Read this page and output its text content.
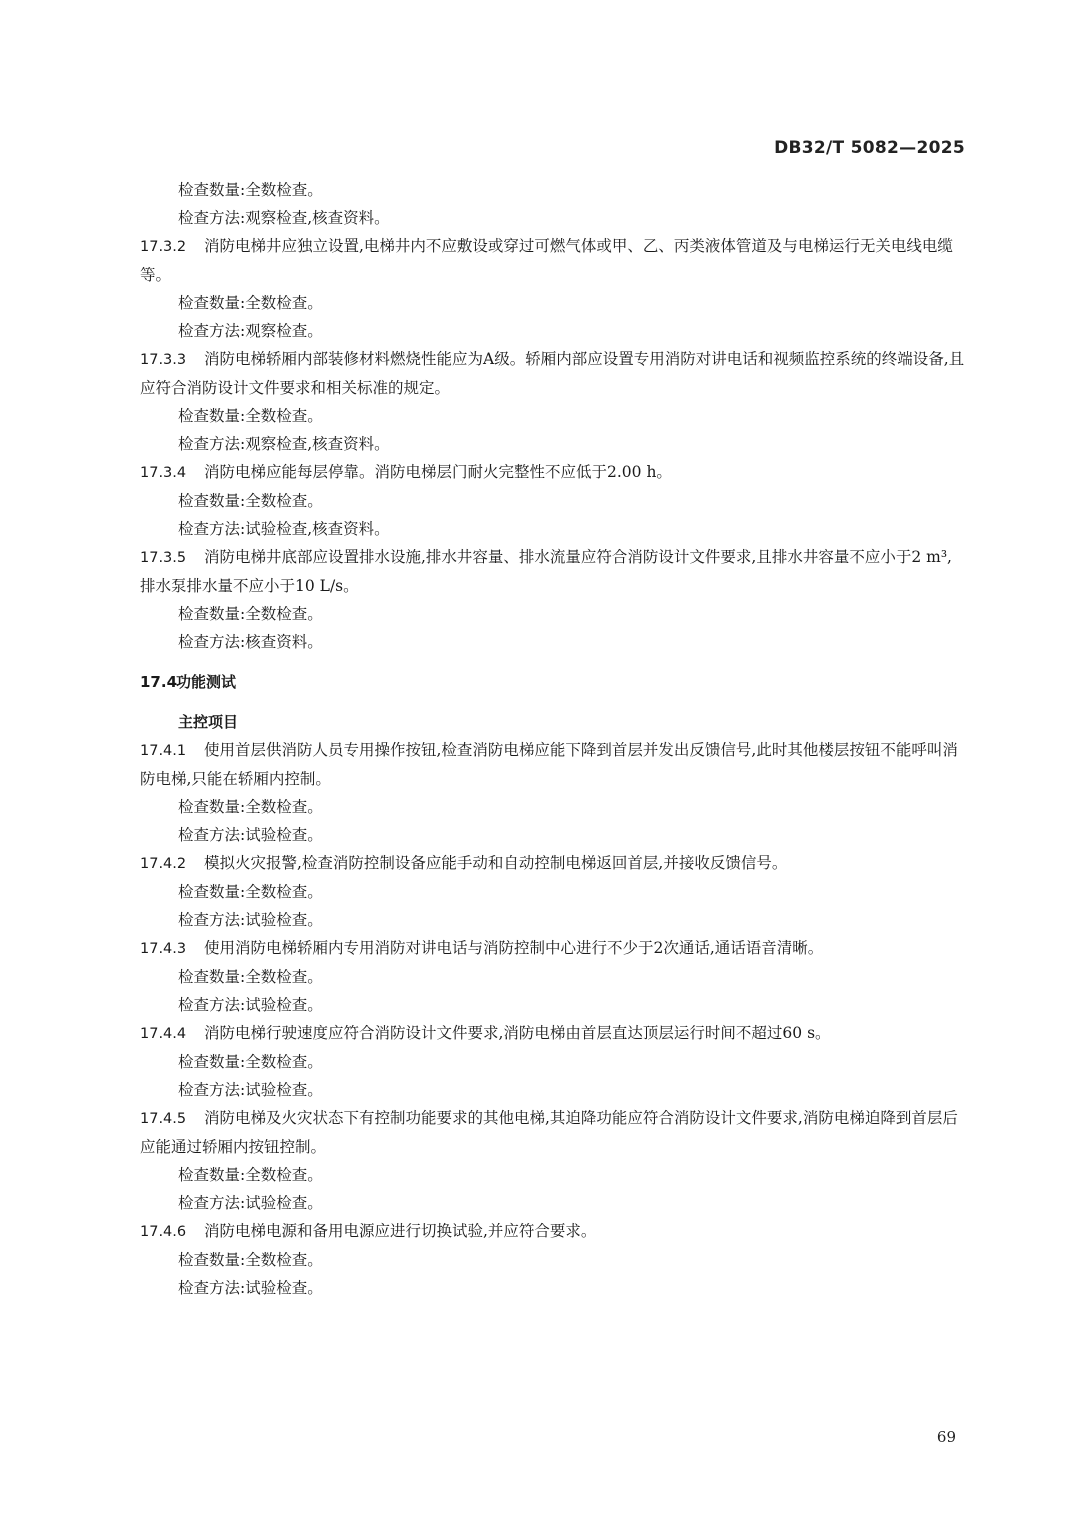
DB32/T 5082—2025

检查数量:全数检查。

检查方法:观察检查,核查资料。

17.3.2 消防电梯井应独立设置,电梯井内不应敷设或穿过可燃气体或甲、乙、丙类液体管道及与电梯运行无关电线电缆等。

检查数量:全数检查。

检查方法:观察检查。

17.3.3 消防电梯轿厢内部装修材料燃烧性能应为A级。轿厢内部应设置专用消防对讲电话和视频监控系统的终端设备,且应符合消防设计文件要求和相关标准的规定。

检查数量:全数检查。

检查方法:观察检查,核查资料。

17.3.4 消防电梯应能每层停靠。消防电梯层门耐火完整性不应低于2.00 h。

检查数量:全数检查。

检查方法:试验检查,核查资料。

17.3.5 消防电梯井底部应设置排水设施,排水井容量、排水流量应符合消防设计文件要求,且排水井容量不应小于2 m³,排水泵排水量不应小于10 L/s。

检查数量:全数检查。

检查方法:核查资料。

17.4功能测试

主控项目

17.4.1 使用首层供消防人员专用操作按钮,检查消防电梯应能下降到首层并发出反馈信号,此时其他楼层按钮不能呼叫消防电梯,只能在轿厢内控制。

检查数量:全数检查。

检查方法:试验检查。

17.4.2 模拟火灾报警,检查消防控制设备应能手动和自动控制电梯返回首层,并接收反馈信号。

检查数量:全数检查。

检查方法:试验检查。

17.4.3 使用消防电梯轿厢内专用消防对讲电话与消防控制中心进行不少于2次通话,通话语音清晰。

检查数量:全数检查。

检查方法:试验检查。

17.4.4 消防电梯行驶速度应符合消防设计文件要求,消防电梯由首层直达顶层运行时间不超过60 s。

检查数量:全数检查。

检查方法:试验检查。

17.4.5 消防电梯及火灾状态下有控制功能要求的其他电梯,其迫降功能应符合消防设计文件要求,消防电梯迫降到首层后应能通过轿厢内按钮控制。

检查数量:全数检查。

检查方法:试验检查。

17.4.6 消防电梯电源和备用电源应进行切换试验,并应符合要求。

检查数量:全数检查。

检查方法:试验检查。

69
